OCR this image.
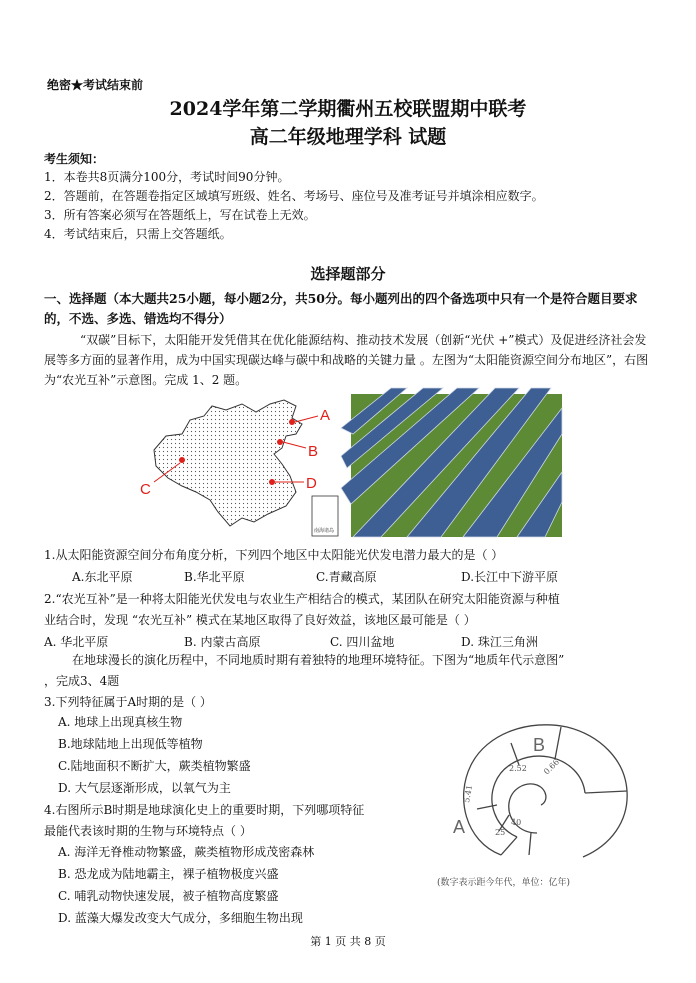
绝密★考试结束前
2024学年第二学期衢州五校联盟期中联考
高二年级地理学科 试题
考生须知：
1．本卷共8页满分100分，考试时间90分钟。
2．答题前，在答题卷指定区域填写班级、姓名、考场号、座位号及准考证号并填涂相应数字。
3．所有答案必须写在答题纸上，写在试卷上无效。
4．考试结束后，只需上交答题纸。
选择题部分
一、选择题（本大题共25小题，每小题2分，共50分。每小题列出的四个备选项中只有一个是符合题目要求的，不选、多选、错选均不得分）
“双碳”目标下，太阳能开发凭借其在优化能源结构、推动技术发展（创新“光伏 +”模式）及促进经济社会发展等多方面的显著作用，成为中国实现碳达峰与碳中和战略的关键力量 。左图为“太阳能资源空间分布地区”，右图为“农光互补”示意图。完成 1、2 题。
A
B
C	D
南海诸岛
1.从太阳能资源空间分布角度分析，下列四个地区中太阳能光伏发电潜力最大的是（ ）
A.东北平原	B.华北平原	C.青藏高原	D.长江中下游平原
2.“农光互补”是一种将太阳能光伏发电与农业生产相结合的模式，某团队在研究太阳能资源与种植
业结合时，发现 “农光互补” 模式在某地区取得了良好效益，该地区最可能是（ ）
A. 华北平原	B. 内蒙古高原	C. 四川盆地	D. 珠江三角洲
在地球漫长的演化历程中，不同地质时期有着独特的地理环境特征。下图为“地质年代示意图”
，完成3、4题
3.下列特征属于A时期的是（ ）
A. 地球上出现真核生物
B.地球陆地上出现低等植物
C.陆地面积不断扩大，蕨类植物繁盛
D. 大气层逐渐形成，以氧气为主
4.右图所示B时期是地球演化史上的重要时期，下列哪项特征
最能代表该时期的生物与环境特点（ ）
A. 海洋无脊椎动物繁盛，蕨类植物形成茂密森林
B. 恐龙成为陆地霸主，裸子植物极度兴盛
C. 哺乳动物快速发展，被子植物高度繁盛
D. 蓝藻大爆发改变大气成分，多细胞生物出现
B
A
5.41
2.52 0.66
25
40
(数字表示距今年代，单位：亿年)
第 1 页 共 8 页
